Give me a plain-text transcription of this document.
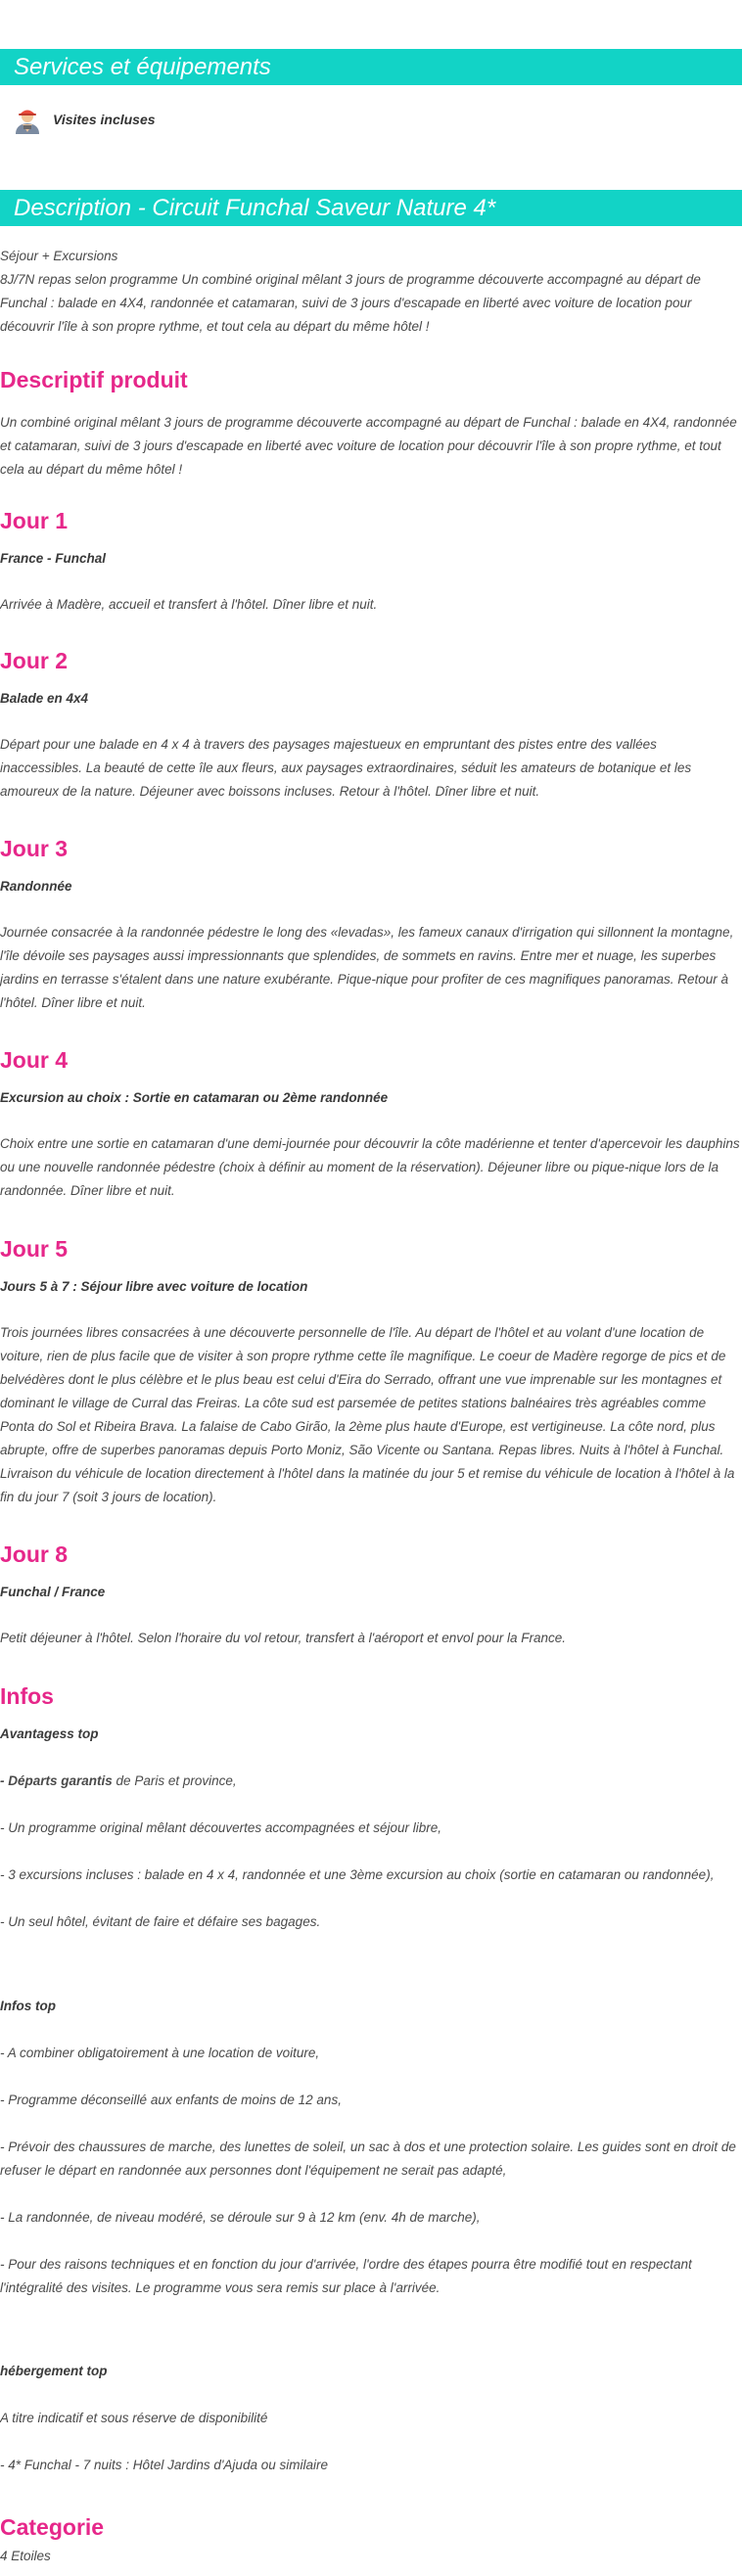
Services et équipements
Visites incluses
Description - Circuit Funchal Saveur Nature 4*

Séjour + Excursions

8J/7N repas selon programme Un combiné original mêlant 3 jours de programme découverte accompagné au départ de Funchal : balade en 4X4, randonnée et catamaran, suivi de 3 jours d'escapade en liberté avec voiture de location pour découvrir l'île à son propre rythme, et tout cela au départ du même hôtel !

Descriptif produit

Un combiné original mêlant 3 jours de programme découverte accompagné au départ de Funchal : balade en 4X4, randonnée et catamaran, suivi de 3 jours d'escapade en liberté avec voiture de location pour découvrir l'île à son propre rythme, et tout cela au départ du même hôtel !

Jour 1

France - Funchal

Arrivée à Madère, accueil et transfert à l'hôtel. Dîner libre et nuit.

Jour 2

Balade en 4x4

Départ pour une balade en 4 x 4 à travers des paysages majestueux en empruntant des pistes entre des vallées inaccessibles. La beauté de cette île aux fleurs, aux paysages extraordinaires, séduit les amateurs de botanique et les amoureux de la nature. Déjeuner avec boissons incluses. Retour à l'hôtel. Dîner libre et nuit.

Jour 3

Randonnée

Journée consacrée à la randonnée pédestre le long des «levadas», les fameux canaux d'irrigation qui sillonnent la montagne, l'île dévoile ses paysages aussi impressionnants que splendides, de sommets en ravins. Entre mer et nuage, les superbes jardins en terrasse s'étalent dans une nature exubérante. Pique-nique pour profiter de ces magnifiques panoramas. Retour à l'hôtel. Dîner libre et nuit.

Jour 4

Excursion au choix : Sortie en catamaran ou 2ème randonnée

Choix entre une sortie en catamaran d'une demi-journée pour découvrir la côte madérienne et tenter d'apercevoir les dauphins ou une nouvelle randonnée pédestre (choix à définir au moment de la réservation). Déjeuner libre ou pique-nique lors de la randonnée. Dîner libre et nuit.

Jour 5

Jours 5 à 7 : Séjour libre avec voiture de location

Trois journées libres consacrées à une découverte personnelle de l'île. Au départ de l'hôtel et au volant d'une location de voiture, rien de plus facile que de visiter à son propre rythme cette île magnifique. Le coeur de Madère regorge de pics et de belvédères dont le plus célèbre et le plus beau est celui d'Eira do Serrado, offrant une vue imprenable sur les montagnes et dominant le village de Curral das Freiras. La côte sud est parsemée de petites stations balnéaires très agréables comme Ponta do Sol et Ribeira Brava. La falaise de Cabo Girão, la 2ème plus haute d'Europe, est vertigineuse. La côte nord, plus abrupte, offre de superbes panoramas depuis Porto Moniz, São Vicente ou Santana. Repas libres. Nuits à l'hôtel à Funchal. Livraison du véhicule de location directement à l'hôtel dans la matinée du jour 5 et remise du véhicule de location à l'hôtel à la fin du jour 7 (soit 3 jours de location).

Jour 8

Funchal / France

Petit déjeuner à l'hôtel. Selon l'horaire du vol retour, transfert à l'aéroport et envol pour la France.

Infos

Avantagess top

- Départs garantis de Paris et province,

- Un programme original mêlant découvertes accompagnées et séjour libre,

- 3 excursions incluses : balade en 4 x 4, randonnée et une 3ème excursion au choix (sortie en catamaran ou randonnée),

- Un seul hôtel, évitant de faire et défaire ses bagages.

Infos top

- A combiner obligatoirement à une location de voiture,

- Programme déconseillé aux enfants de moins de 12 ans,

- Prévoir des chaussures de marche, des lunettes de soleil, un sac à dos et une protection solaire. Les guides sont en droit de refuser le départ en randonnée aux personnes dont l'équipement ne serait pas adapté,

- La randonnée, de niveau modéré, se déroule sur 9 à 12 km (env. 4h de marche),

- Pour des raisons techniques et en fonction du jour d'arrivée, l'ordre des étapes pourra être modifié tout en respectant l'intégralité des visites. Le programme vous sera remis sur place à l'arrivée.

hébergement top

A titre indicatif et sous réserve de disponibilité

- 4* Funchal - 7 nuits : Hôtel Jardins d'Ajuda ou similaire

Categorie

4 Etoiles
